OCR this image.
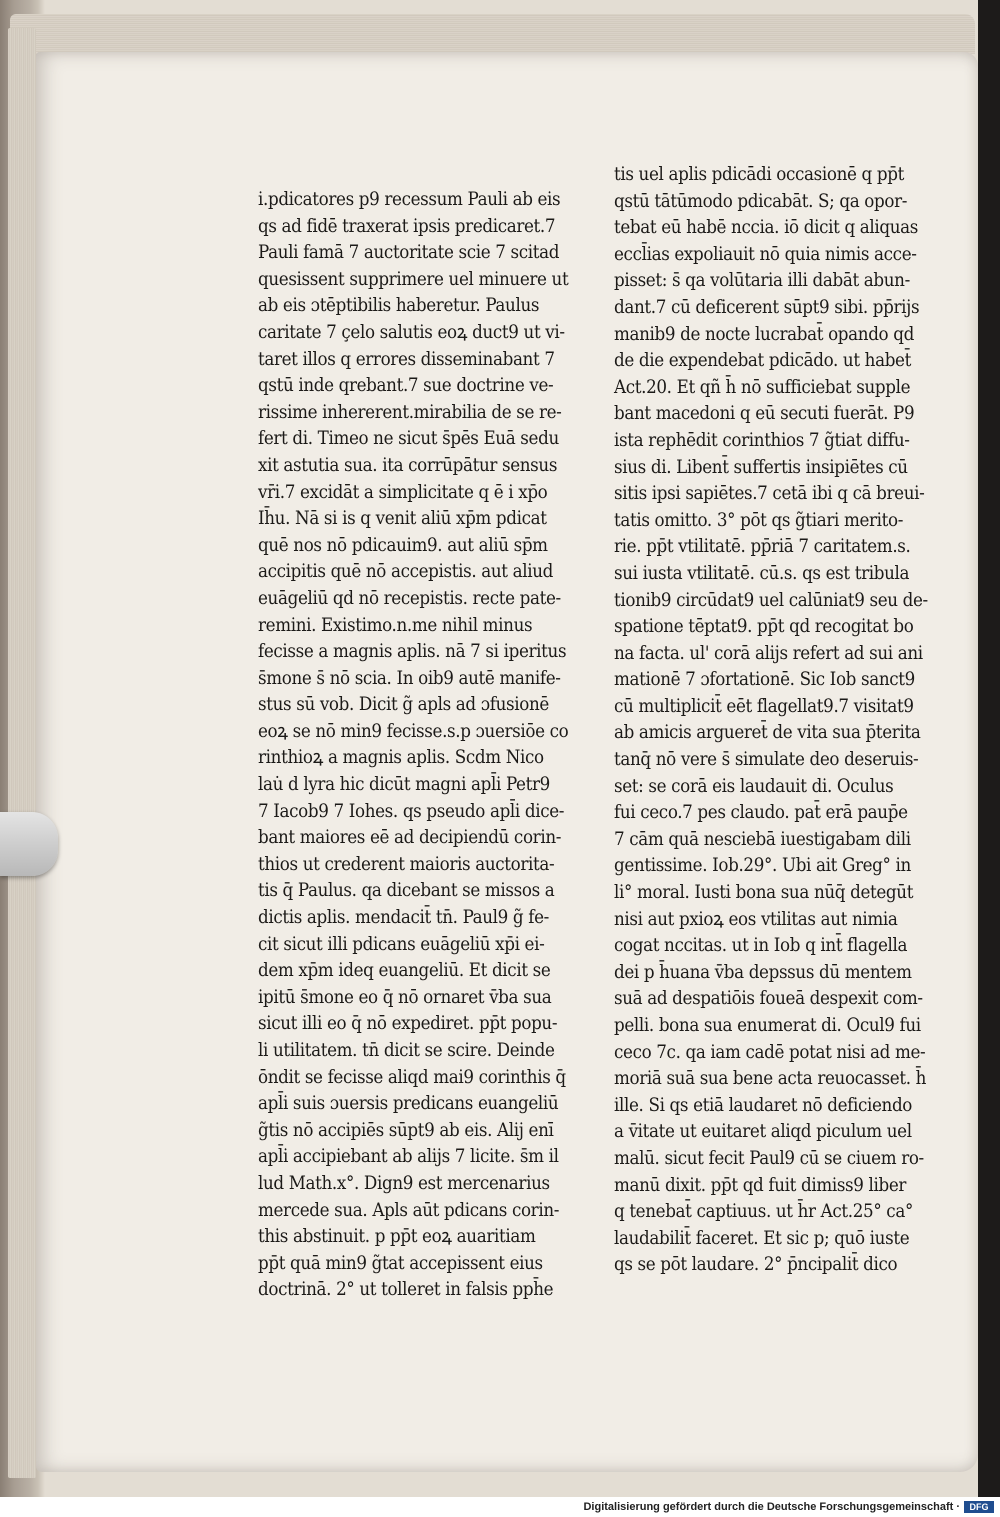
i.pdicatores p9 recessum Pauli ab eis
qs ad fidē traxerat ipsis predicaret.7
Pauli famā 7 auctoritate scie 7 scitad
quesissent supprimere uel minuere ut
ab eis ɔtēptibilis haberetur. Paulus
caritate 7 çelo salutis eoꝝ duct9 ut vi-
taret illos q errores disseminabant 7
qstū inde qrebant.7 sue doctrine ve-
rissime inhererent.mirabilia de se re-
fert di. Timeo ne sicut s̄pēs Euā sedu
xit astutia sua. ita corrūpātur sensus
vr̄i.7 excidāt a simplicitate q ē i xp̄o
Ih̄u. Nā si is q venit aliū xp̄m pdicat
quē nos nō pdicauim9. aut aliū sp̄m
accipitis quē nō accepistis. aut aliud
euāgeliū qd nō recepistis. recte pate-
remini. Existimo.n.me nihil minus
fecisse a magnis aplis. nā 7 si iperitus
s̄mone s̄ nō scia. In oib9 autē manife-
stus sū vob. Dicit g̃ apls ad ɔfusionē
eoꝝ se nō min9 fecisse.s.p ɔuersiōe co
rinthioꝝ a magnis aplis. Scdm Nico
lau̇ d lyra hic dicūt magni apl̄i Petr9
7 Iacob9 7 Iohes. qs pseudo apl̄i dice-
bant maiores eē ad decipiendū corin-
thios ut crederent maioris auctorita-
tis q̄ Paulus. qa dicebant se missos a
dictis aplis. mendacit̄ tn̄. Paul9 g̃ fe-
cit sicut illi pdicans euāgeliū xp̄i ei-
dem xp̄m ideq euangeliū. Et dicit se
ipitū s̄mone eo q̄ nō ornaret v̄ba sua
sicut illi eo q̄ nō expediret. pp̄t popu-
li utilitatem. tn̄ dicit se scire. Deinde
ōndit se fecisse aliqd mai9 corinthis q̄
apl̄i suis ɔuersis predicans euangeliū
g̃tis nō accipiēs sūpt9 ab eis. Alij enī
apl̄i accipiebant ab alijs 7 licite. s̄m il
lud Math.x°. Dign9 est mercenarius
mercede sua. Apls aūt pdicans corin-
this abstinuit. p pp̄t eoꝝ auaritiam
pp̄t quā min9 g̃tat accepissent eius
doctrinā. 2° ut tolleret in falsis pph̄e
tis uel aplis pdicādi occasionē q pp̄t
qstū tātūmodo pdicabāt. S; qa opor-
tebat eū habē nccia. iō dicit q aliquas
eccl̄ias expoliauit nō quia nimis acce-
pisset: s̄ qa volūtaria illi dabāt abun-
dant.7 cū deficerent sūpt9 sibi. pp̄rijs
manib9 de nocte lucrabat̄ opando qd
de die expendebat pdicādo. ut habet̄
Act.20. Et qñ h̄ nō sufficiebat supple
bant macedoni q eū secuti fuerāt. P9
ista rephēdit corinthios 7 g̃tiat diffu-
sius di. Libent̄ suffertis insipiētes cū
sitis ipsi sapiētes.7 cetā ibi q cā breui-
tatis omitto. 3° pōt qs g̃tiari merito-
rie. pp̄t vtilitatē. pp̄riā 7 caritatem.s.
sui iusta vtilitatē. cū.s. qs est tribula
tionib9 circūdat9 uel calūniat9 seu de-
spatione tēptat9. pp̄t qd recogitat bo
na facta. ul' corā alijs refert ad sui ani
mationē 7 ɔfortationē. Sic Iob sanct9
cū multiplicit̄ eēt flagellat9.7 visitat9
ab amicis argueret̄ de vita sua p̄terita
tanq̄ nō vere s̄ simulate deo deseruis-
set: se corā eis laudauit di. Oculus
fui ceco.7 pes claudo. pat̄ erā paup̄e
7 cām quā nesciebā iuestigabam dili
gentissime. Iob.29°. Ubi ait Greg° in
li° moral. Iusti bona sua nūq̄ detegūt
nisi aut pxioꝝ eos vtilitas aut nimia
cogat nccitas. ut in Iob q int̄ flagella
dei p h̄uana v̄ba depssus dū mentem
suā ad despatiōis foueā despexit com-
pelli. bona sua enumerat di. Ocul9 fui
ceco 7c. qa iam cadē potat nisi ad me-
moriā suā sua bene acta reuocasset. h̄
ille. Si qs etiā laudaret nō deficiendo
a v̄itate ut euitaret aliqd piculum uel
malū. sicut fecit Paul9 cū se ciuem ro-
manū dixit. pp̄t qd fuit dimiss9 liber
q tenebat̄ captiuus. ut h̄r Act.25° ca°
laudabilit̄ faceret. Et sic p; quō iuste
qs se pōt laudare. 2° p̄ncipalit̄ dico
Digitalisierung gefördert durch die Deutsche Forschungsgemeinschaft ·	DFG
